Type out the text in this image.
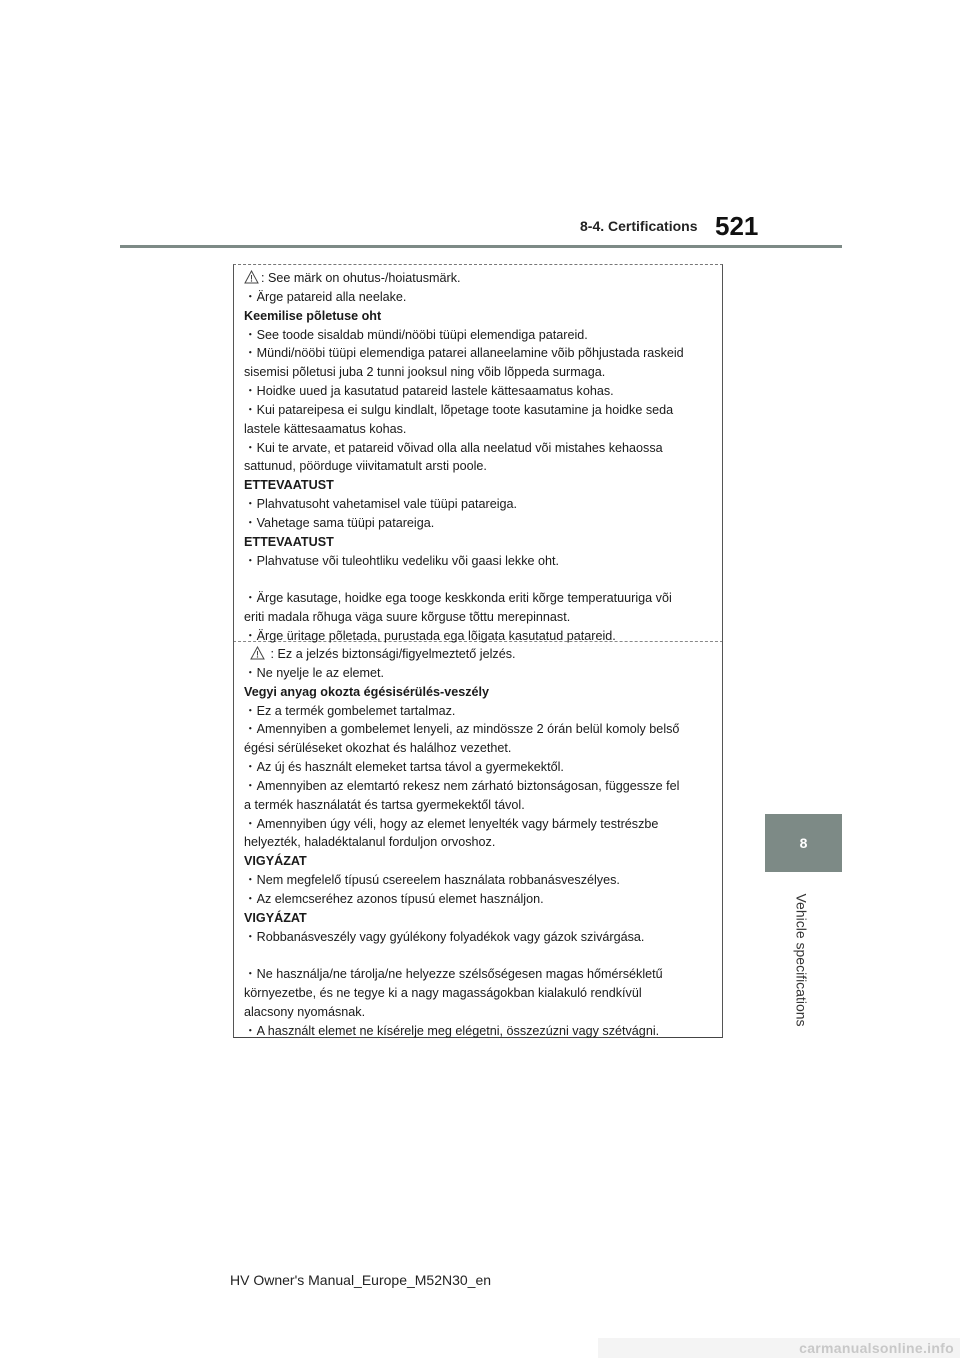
8-4. Certifications 521

: See märk on ohutus-/hoiatusmärk.

・Ärge patareid alla neelake.

Keemilise põletuse oht

・See toode sisaldab mündi/nööbi tüüpi elemendiga patareid.

・Mündi/nööbi tüüpi elemendiga patarei allaneelamine võib põhjustada raskeid

sisemisi põletusi juba 2 tunni jooksul ning võib lõppeda surmaga.

・Hoidke uued ja kasutatud patareid lastele kättesaamatus kohas.

・Kui patareipesa ei sulgu kindlalt, lõpetage toote kasutamine ja hoidke seda

lastele kättesaamatus kohas.

・Kui te arvate, et patareid võivad olla alla neelatud või mistahes kehaossa

sattunud, pöörduge viivitamatult arsti poole.

ETTEVAATUST

・Plahvatusoht vahetamisel vale tüüpi patareiga.

・Vahetage sama tüüpi patareiga.

ETTEVAATUST

・Plahvatuse või tuleohtliku vedeliku või gaasi lekke oht.

・Ärge kasutage, hoidke ega tooge keskkonda eriti kõrge temperatuuriga või

eriti madala rõhuga väga suure kõrguse tõttu merepinnast.

・Ärge üritage põletada, purustada ega lõigata kasutatud patareid.

: Ez a jelzés biztonsági/figyelmeztető jelzés.

・Ne nyelje le az elemet.

Vegyi anyag okozta égésisérülés-veszély

・Ez a termék gombelemet tartalmaz.

・Amennyiben a gombelemet lenyeli, az mindössze 2 órán belül komoly belső

égési sérüléseket okozhat és halálhoz vezethet.

・Az új és használt elemeket tartsa távol a gyermekektől.

・Amennyiben az elemtartó rekesz nem zárható biztonságosan, függessze fel

a termék használatát és tartsa gyermekektől távol.

・Amennyiben úgy véli, hogy az elemet lenyelték vagy bármely testrészbe

helyezték, haladéktalanul forduljon orvoshoz.

VIGYÁZAT

・Nem megfelelő típusú csereelem használata robbanásveszélyes.

・Az elemcseréhez azonos típusú elemet használjon.

VIGYÁZAT

・Robbanásveszély vagy gyúlékony folyadékok vagy gázok szivárgása.

・Ne használja/ne tárolja/ne helyezze szélsőségesen magas hőmérsékletű

környezetbe, és ne tegye ki a nagy magasságokban kialakuló rendkívül

alacsony nyomásnak.

・A használt elemet ne kísérelje meg elégetni, összezúzni vagy szétvágni.

8
Vehicle specifications
HV Owner's Manual_Europe_M52N30_en
carmanualsonline.info
